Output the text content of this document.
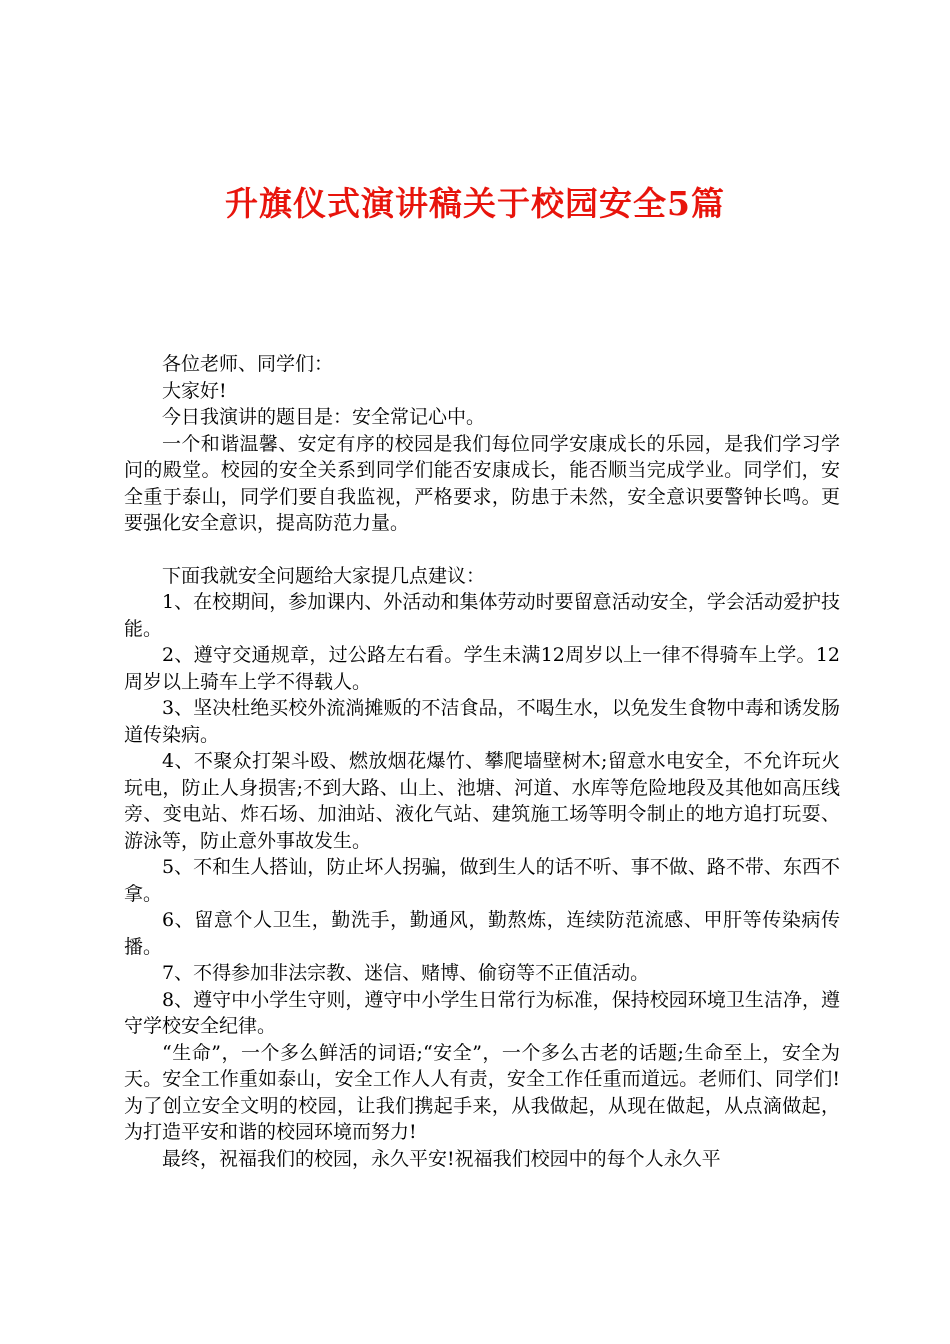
升旗仪式演讲稿关于校园安全5篇

各位老师、同学们：

大家好!

今日我演讲的题目是：安全常记心中。

一个和谐温馨、安定有序的校园是我们每位同学安康成长的乐园，是我们学习学问的殿堂。校园的安全关系到同学们能否安康成长，能否顺当完成学业。同学们，安全重于泰山，同学们要自我监视，严格要求，防患于未然，安全意识要警钟长鸣。更要强化安全意识，提高防范力量。

下面我就安全问题给大家提几点建议：

1、在校期间，参加课内、外活动和集体劳动时要留意活动安全，学会活动爱护技能。

2、遵守交通规章，过公路左右看。学生未满12周岁以上一律不得骑车上学。12周岁以上骑车上学不得载人。

3、坚决杜绝买校外流淌摊贩的不洁食品，不喝生水，以免发生食物中毒和诱发肠道传染病。

4、不聚众打架斗殴、燃放烟花爆竹、攀爬墙壁树木;留意水电安全，不允许玩火玩电，防止人身损害;不到大路、山上、池塘、河道、水库等危险地段及其他如高压线旁、变电站、炸石场、加油站、液化气站、建筑施工场等明令制止的地方追打玩耍、游泳等，防止意外事故发生。

5、不和生人搭讪，防止坏人拐骗，做到生人的话不听、事不做、路不带、东西不拿。

6、留意个人卫生，勤洗手，勤通风，勤熬炼，连续防范流感、甲肝等传染病传播。

7、不得参加非法宗教、迷信、赌博、偷窃等不正值活动。

8、遵守中小学生守则，遵守中小学生日常行为标准，保持校园环境卫生洁净，遵守学校安全纪律。

“生命”，一个多么鲜活的词语;“安全”，一个多么古老的话题;生命至上，安全为天。安全工作重如泰山，安全工作人人有责，安全工作任重而道远。老师们、同学们!为了创立安全文明的校园，让我们携起手来，从我做起，从现在做起，从点滴做起，为打造平安和谐的校园环境而努力!

最终，祝福我们的校园，永久平安!祝福我们校园中的每个人永久平
